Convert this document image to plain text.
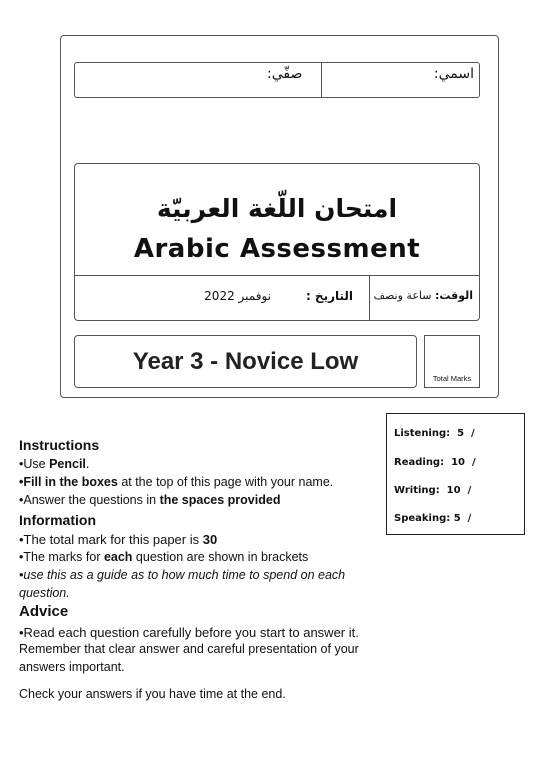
اسمي:
صفّي:
امتحان اللّغة العربيّة
Arabic Assessment
الوقت: ساعة ونصف
التاريخ :
نوفمبر 2022
Year 3 - Novice Low
Total Marks
Listening: 5 /
Reading: 10 /
Writing: 10 /
Speaking: 5 /
Instructions
•Use Pencil.
•Fill in the boxes at the top of this page with your name.
•Answer the questions in the spaces provided
Information
•The total mark for this paper is 30
•The marks for each question are shown in brackets
•use this as a guide as to how much time to spend on each
question.
Advice
•Read each question carefully before you start to answer it.
Remember that clear answer and careful presentation of your
answers important.
Check your answers if you have time at the end.
